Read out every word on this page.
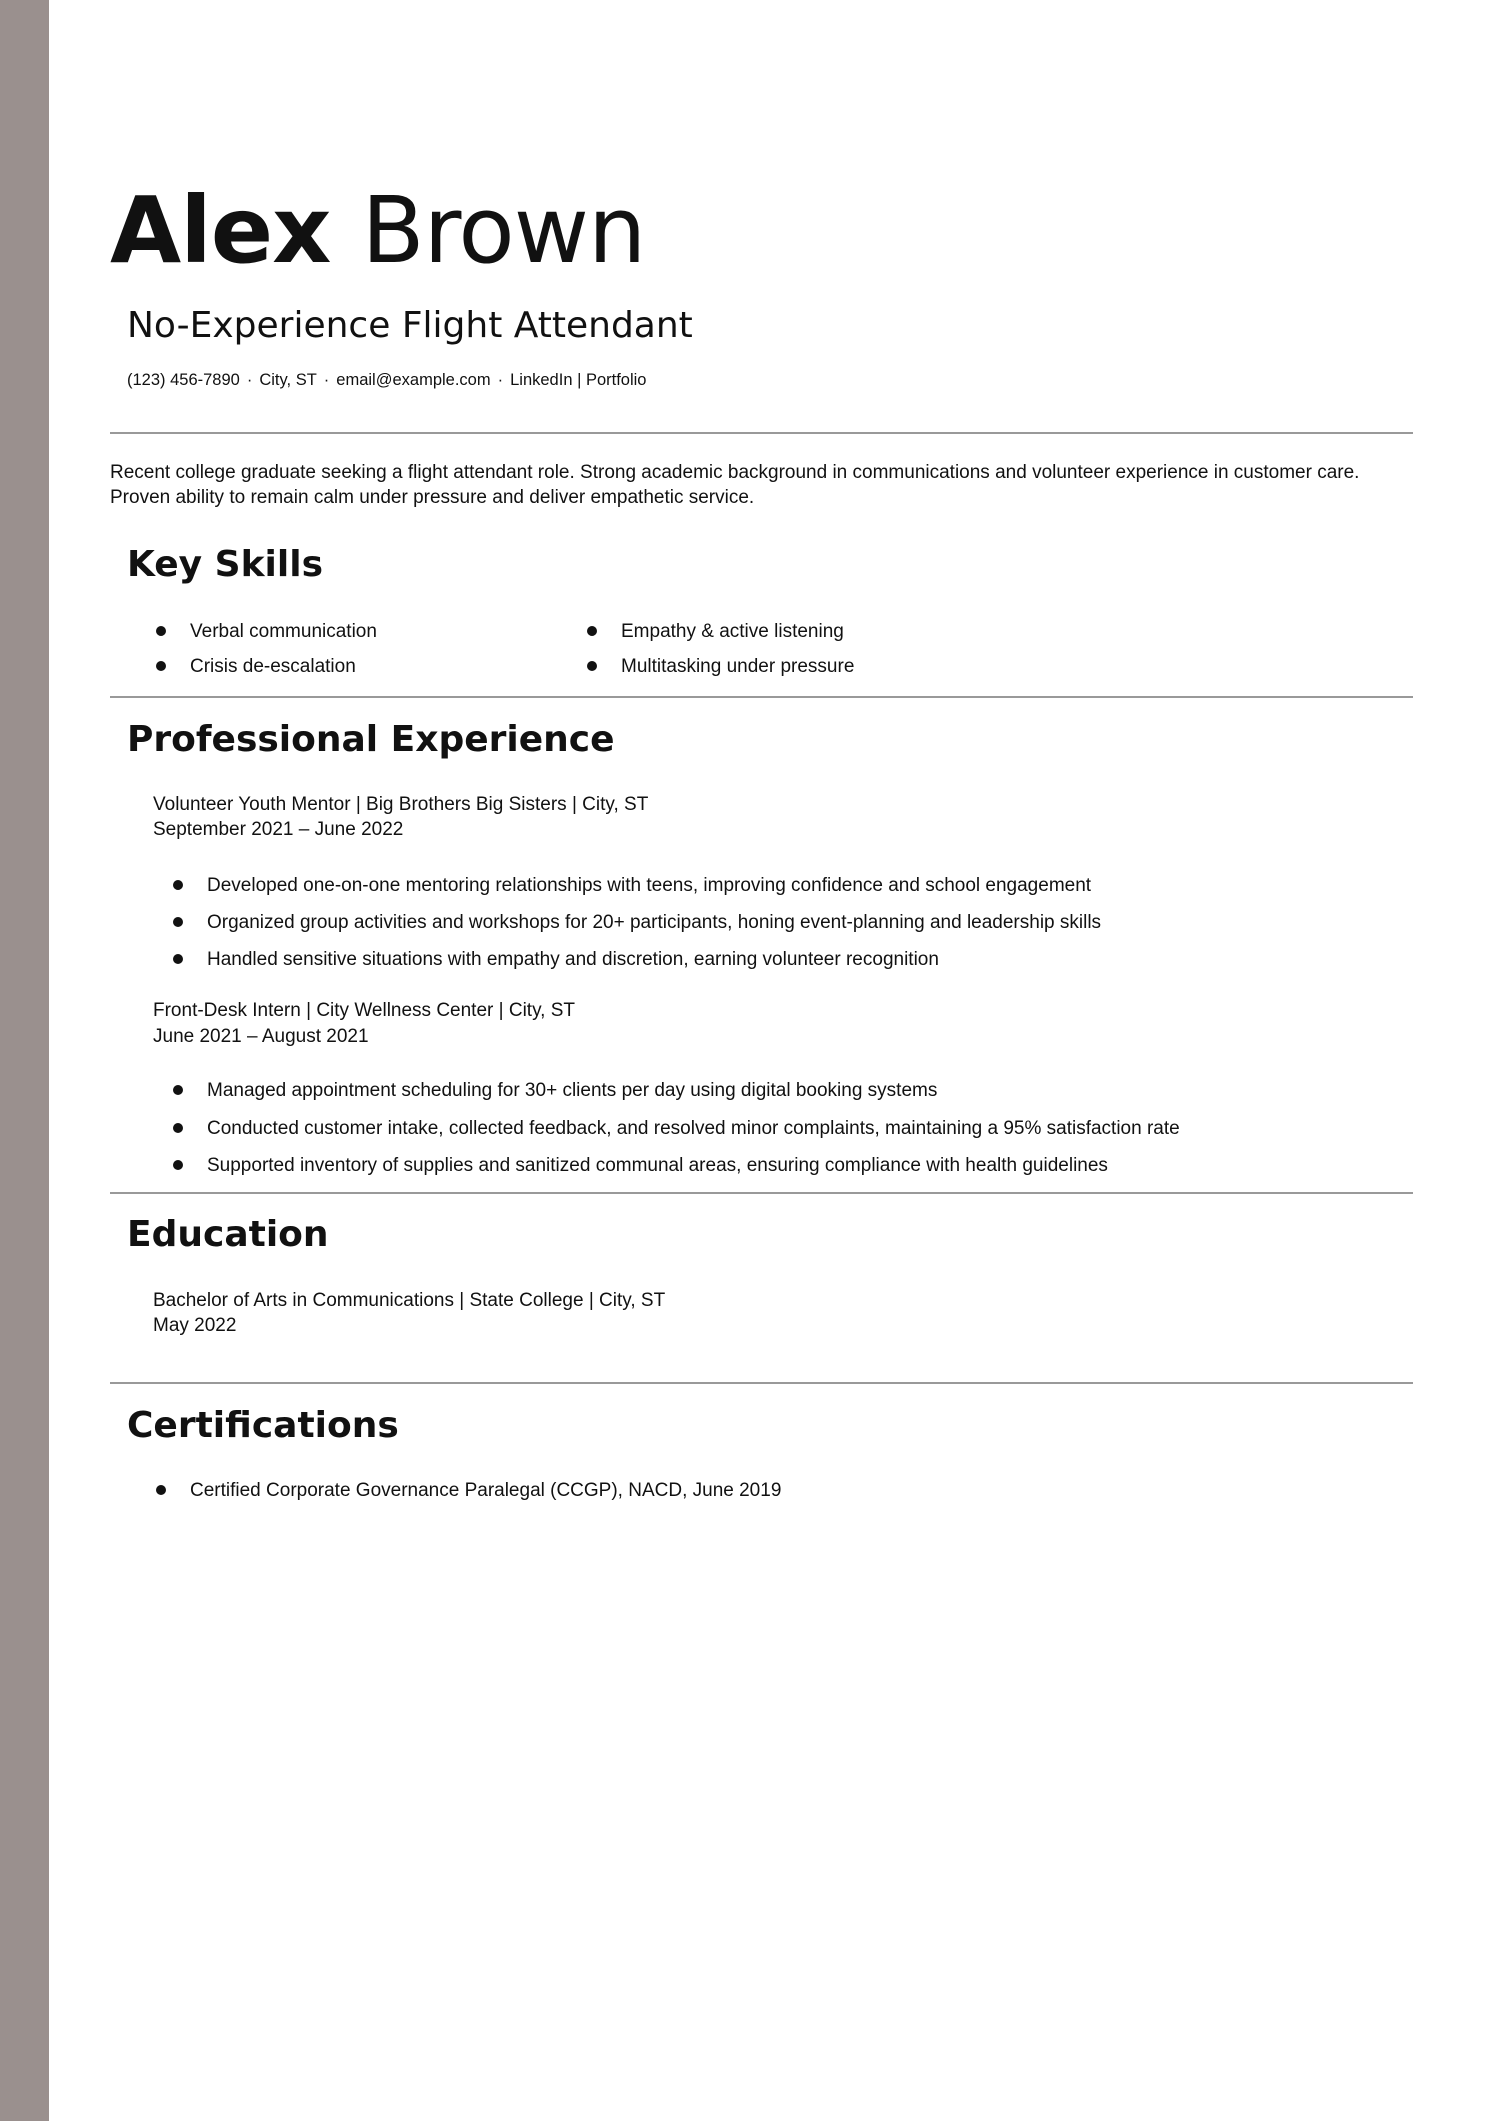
Alex Brown
No-Experience Flight Attendant
(123) 456-7890 · City, ST · email@example.com · LinkedIn | Portfolio

Recent college graduate seeking a flight attendant role. Strong academic background in communications and volunteer experience in customer care. Proven ability to remain calm under pressure and deliver empathetic service.

Key Skills
Verbal communication
Crisis de-escalation
Empathy & active listening
Multitasking under pressure
Professional Experience
Volunteer Youth Mentor | Big Brothers Big Sisters | City, ST
September 2021 – June 2022
Developed one-on-one mentoring relationships with teens, improving confidence and school engagement
Organized group activities and workshops for 20+ participants, honing event-planning and leadership skills
Handled sensitive situations with empathy and discretion, earning volunteer recognition
Front-Desk Intern | City Wellness Center | City, ST
June 2021 – August 2021
Managed appointment scheduling for 30+ clients per day using digital booking systems
Conducted customer intake, collected feedback, and resolved minor complaints, maintaining a 95% satisfaction rate
Supported inventory of supplies and sanitized communal areas, ensuring compliance with health guidelines
Education
Bachelor of Arts in Communications | State College | City, ST
May 2022
Certifications
Certified Corporate Governance Paralegal (CCGP), NACD, June 2019
